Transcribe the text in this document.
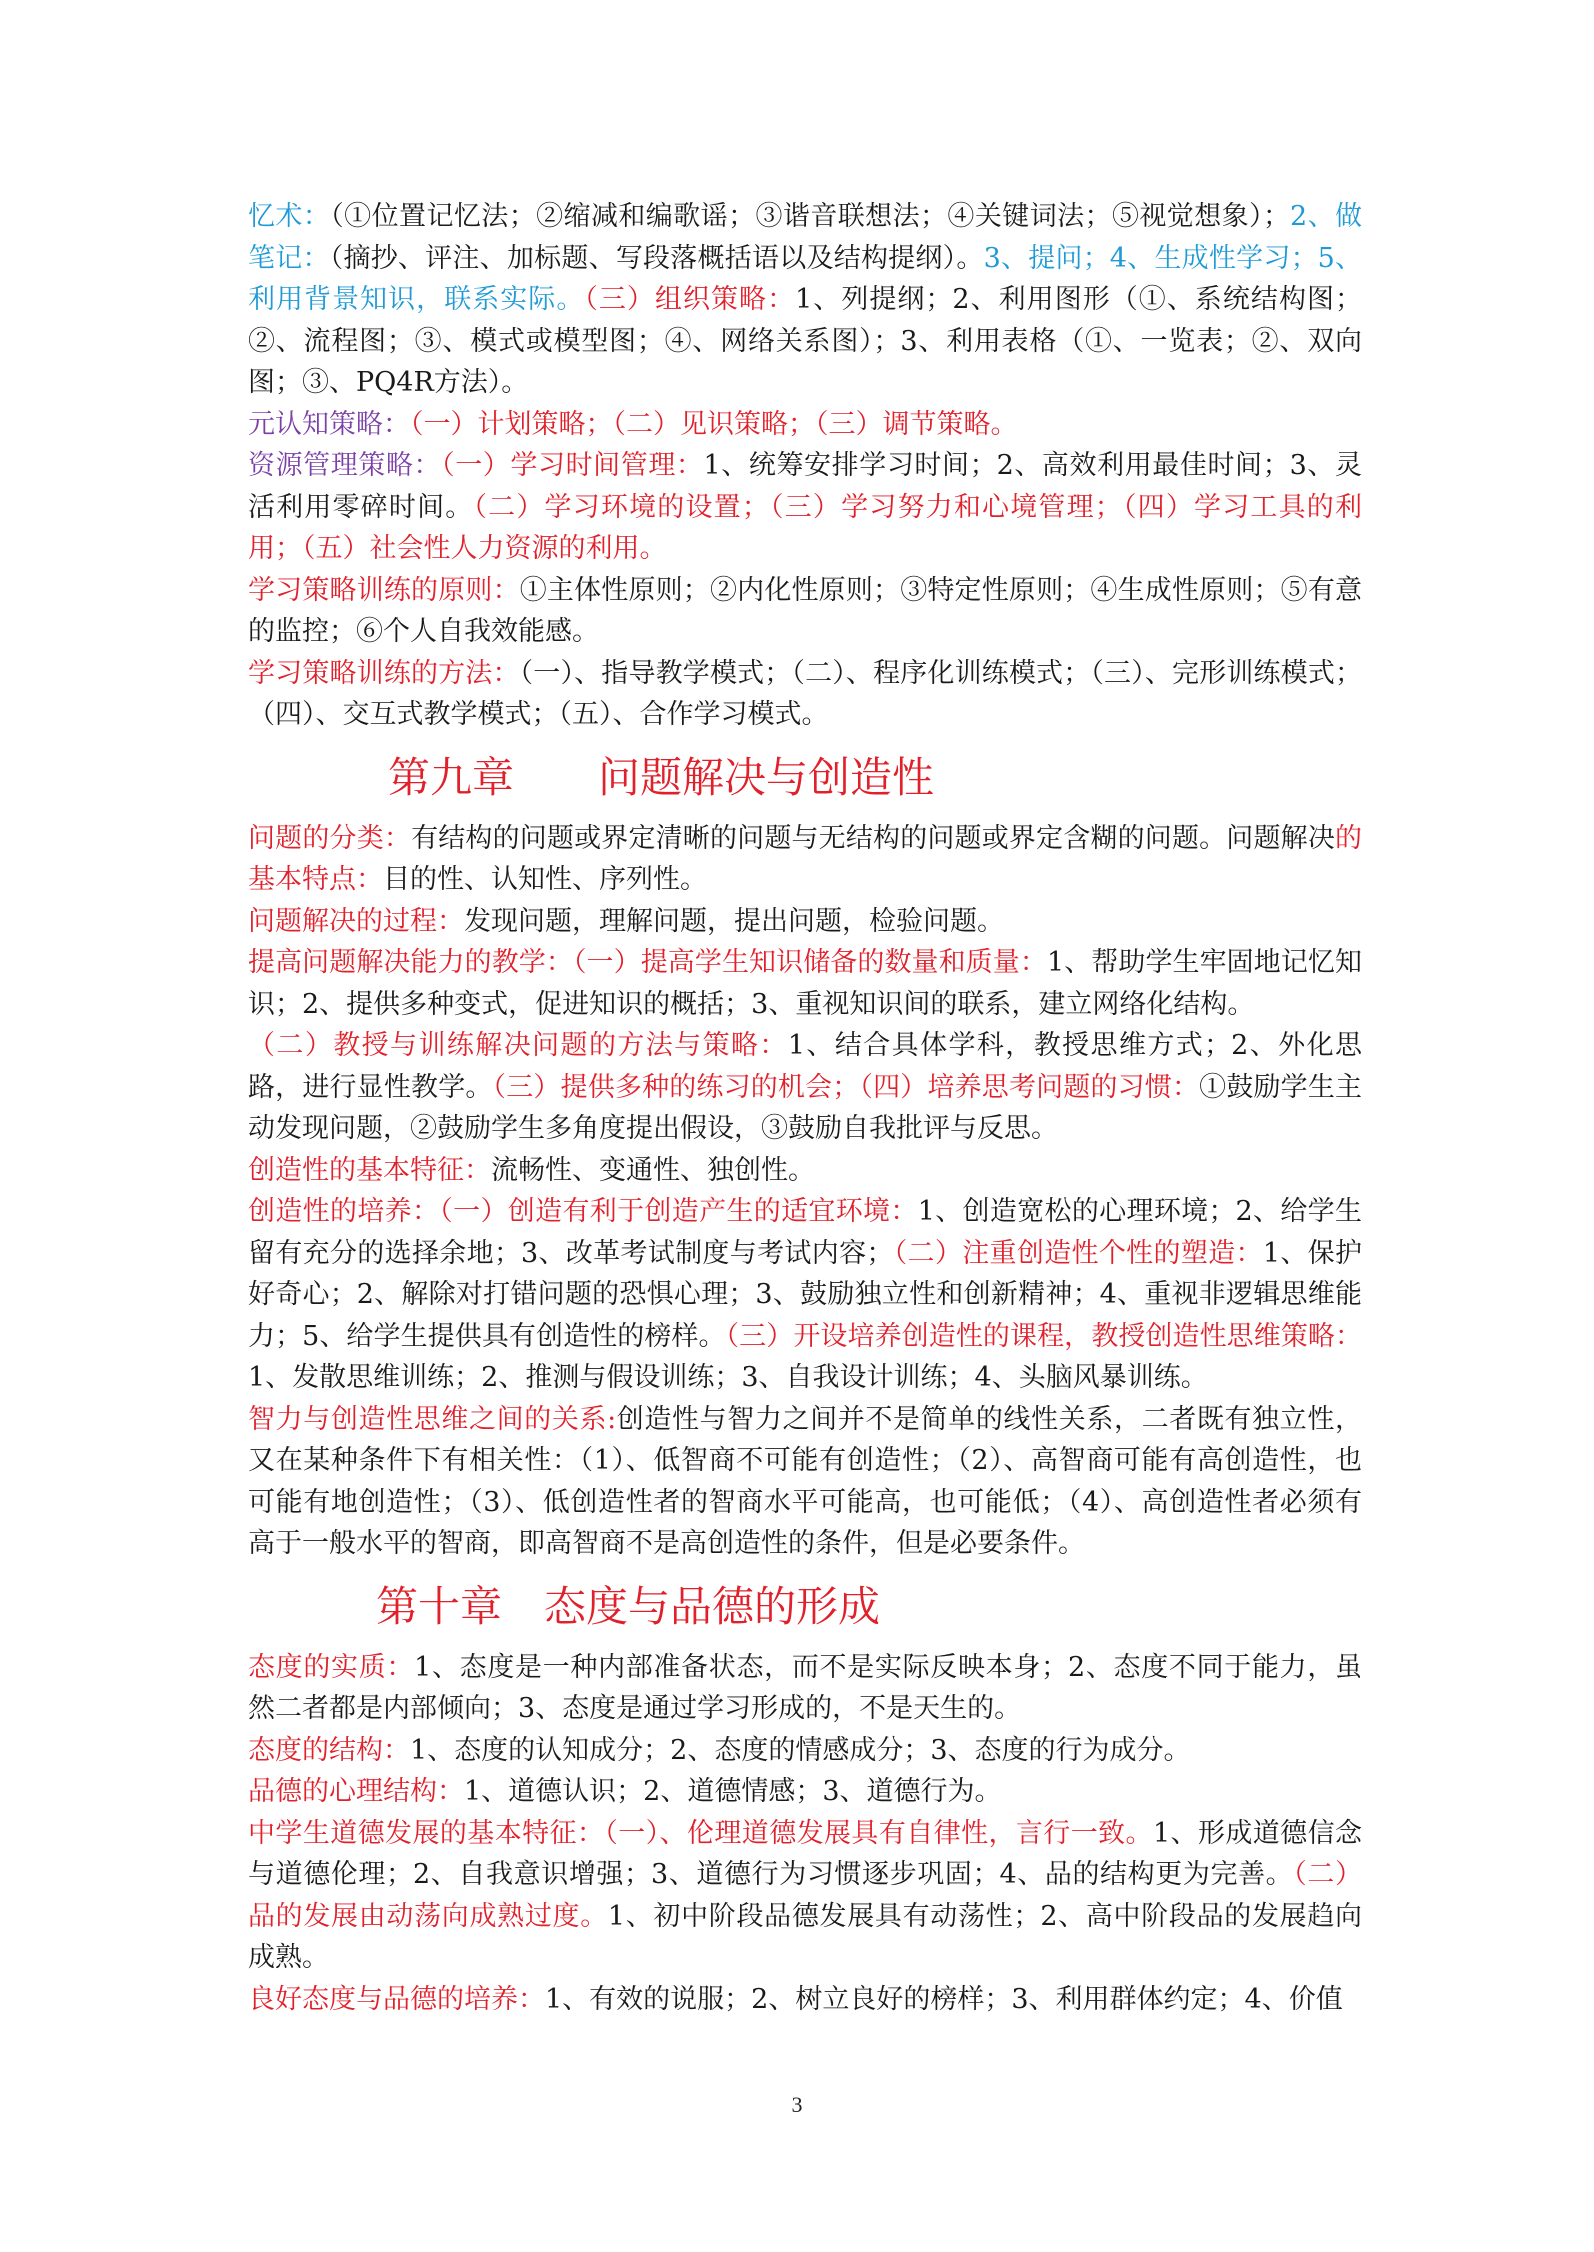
忆术：（①位置记忆法；②缩减和编歌谣；③谐音联想法；④关键词法；⑤视觉想象）；2、做笔记：（摘抄、评注、加标题、写段落概括语以及结构提纲）。3、提问；4、生成性学习；5、利用背景知识，联系实际。（三）组织策略：1、列提纲；2、利用图形（①、系统结构图；②、流程图；③、模式或模型图；④、网络关系图）；3、利用表格（①、一览表；②、双向图；③、PQ4R方法）。
元认知策略：（一）计划策略；（二）见识策略；（三）调节策略。
资源管理策略：（一）学习时间管理：1、统筹安排学习时间；2、高效利用最佳时间；3、灵活利用零碎时间。（二）学习环境的设置；（三）学习努力和心境管理；（四）学习工具的利用；（五）社会性人力资源的利用。
学习策略训练的原则：①主体性原则；②内化性原则；③特定性原则；④生成性原则；⑤有意的监控；⑥个人自我效能感。
学习策略训练的方法：（一）、指导教学模式；（二）、程序化训练模式；（三）、完形训练模式；（四）、交互式教学模式；（五）、合作学习模式。
第九章　　问题解决与创造性
问题的分类：有结构的问题或界定清晰的问题与无结构的问题或界定含糊的问题。问题解决的基本特点：目的性、认知性、序列性。
问题解决的过程：发现问题，理解问题，提出问题，检验问题。
提高问题解决能力的教学：（一）提高学生知识储备的数量和质量：1、帮助学生牢固地记忆知识；2、提供多种变式，促进知识的概括；3、重视知识间的联系，建立网络化结构。
（二）教授与训练解决问题的方法与策略：1、结合具体学科，教授思维方式；2、外化思路，进行显性教学。（三）提供多种的练习的机会；（四）培养思考问题的习惯：①鼓励学生主动发现问题，②鼓励学生多角度提出假设，③鼓励自我批评与反思。
创造性的基本特征：流畅性、变通性、独创性。
创造性的培养：（一）创造有利于创造产生的适宜环境：1、创造宽松的心理环境；2、给学生留有充分的选择余地；3、改革考试制度与考试内容；（二）注重创造性个性的塑造：1、保护好奇心；2、解除对打错问题的恐惧心理；3、鼓励独立性和创新精神；4、重视非逻辑思维能力；5、给学生提供具有创造性的榜样。（三）开设培养创造性的课程，教授创造性思维策略：1、发散思维训练；2、推测与假设训练；3、自我设计训练；4、头脑风暴训练。
智力与创造性思维之间的关系:创造性与智力之间并不是简单的线性关系，二者既有独立性，又在某种条件下有相关性：（1）、低智商不可能有创造性；（2）、高智商可能有高创造性，也可能有地创造性；（3）、低创造性者的智商水平可能高，也可能低；（4）、高创造性者必须有高于一般水平的智商，即高智商不是高创造性的条件，但是必要条件。
第十章　态度与品德的形成
态度的实质：1、态度是一种内部准备状态，而不是实际反映本身；2、态度不同于能力，虽然二者都是内部倾向；3、态度是通过学习形成的，不是天生的。
态度的结构：1、态度的认知成分；2、态度的情感成分；3、态度的行为成分。
品德的心理结构：1、道德认识；2、道德情感；3、道德行为。
中学生道德发展的基本特征：（一）、伦理道德发展具有自律性，言行一致。1、形成道德信念与道德伦理；2、自我意识增强；3、道德行为习惯逐步巩固；4、品的结构更为完善。（二）品的发展由动荡向成熟过度。1、初中阶段品德发展具有动荡性；2、高中阶段品的发展趋向成熟。
良好态度与品德的培养：1、有效的说服；2、树立良好的榜样；3、利用群体约定；4、价值
3
